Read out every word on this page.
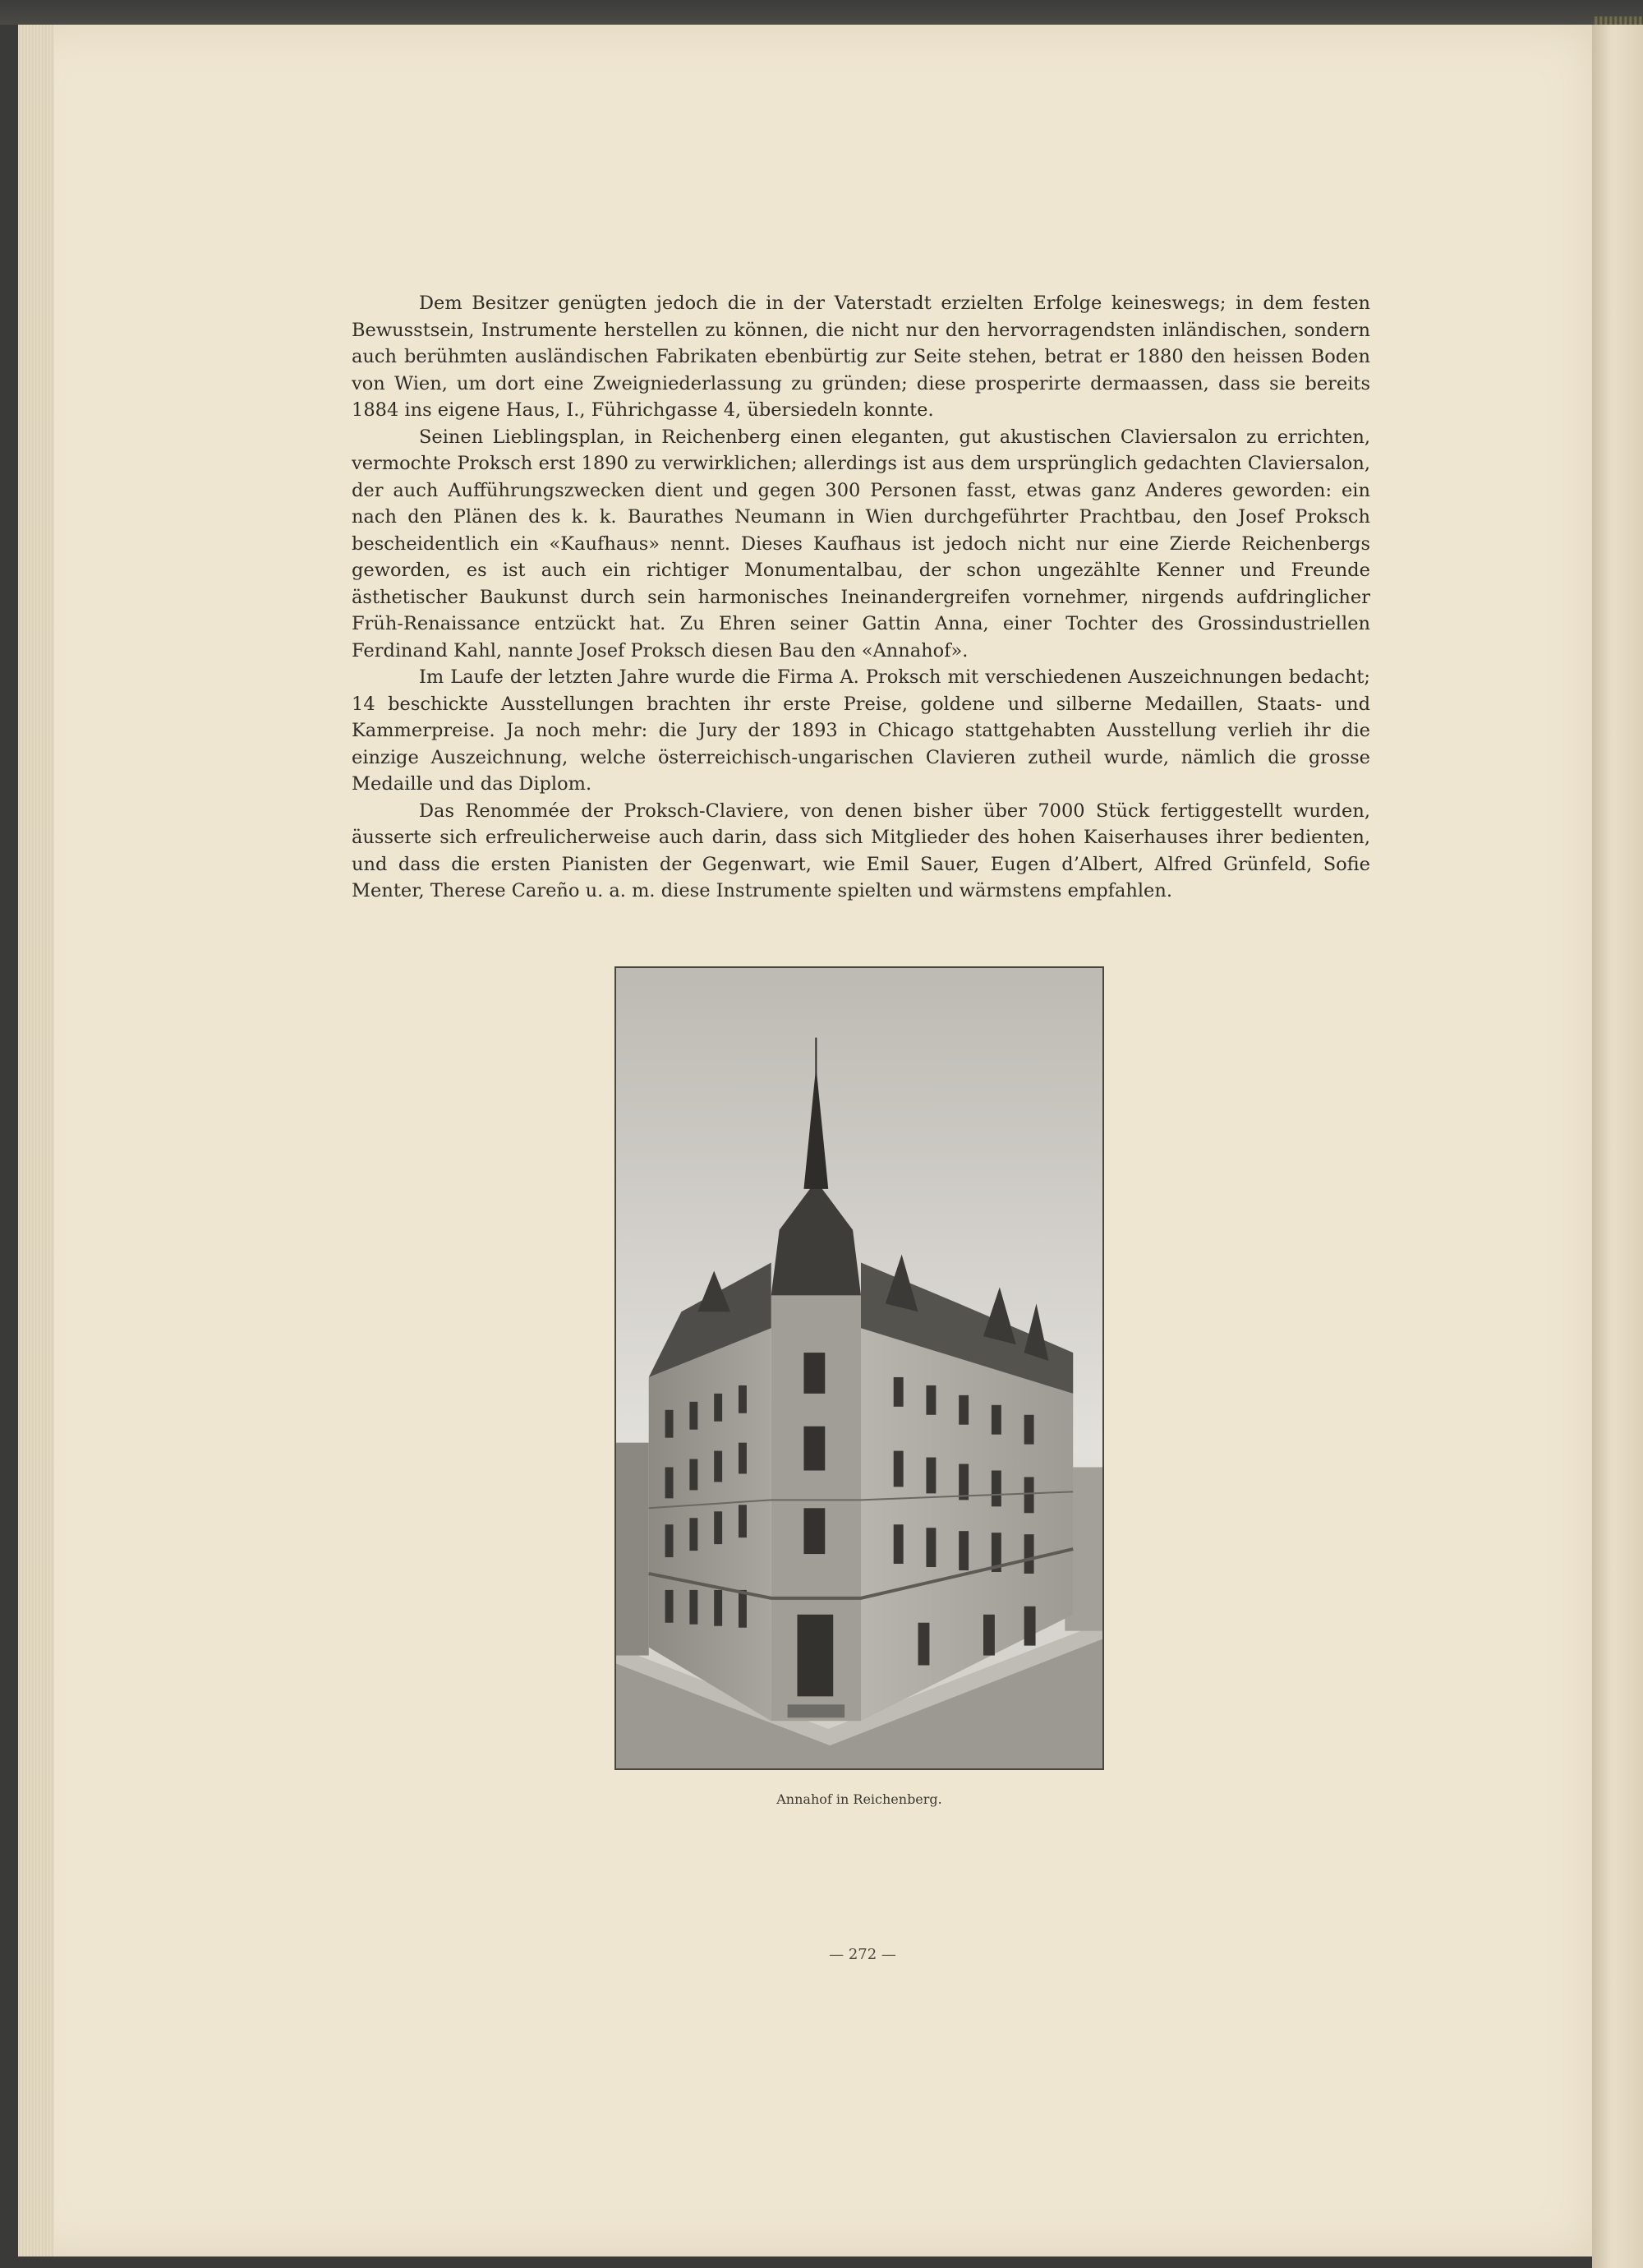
Dem Besitzer genügten jedoch die in der Vaterstadt erzielten Erfolge keineswegs; in dem festen Bewusstsein, Instrumente herstellen zu können, die nicht nur den hervorragendsten inländischen, sondern auch berühmten ausländischen Fabrikaten ebenbürtig zur Seite stehen, betrat er 1880 den heissen Boden von Wien, um dort eine Zweigniederlassung zu gründen; diese prosperirte dermaassen, dass sie bereits 1884 ins eigene Haus, I., Führichgasse 4, übersiedeln konnte.

Seinen Lieblingsplan, in Reichenberg einen eleganten, gut akustischen Claviersalon zu errichten, vermochte Proksch erst 1890 zu verwirklichen; allerdings ist aus dem ursprünglich gedachten Claviersalon, der auch Aufführungszwecken dient und gegen 300 Personen fasst, etwas ganz Anderes geworden: ein nach den Plänen des k. k. Baurathes Neumann in Wien durchgeführter Prachtbau, den Josef Proksch bescheidentlich ein «Kaufhaus» nennt. Dieses Kaufhaus ist jedoch nicht nur eine Zierde Reichenbergs geworden, es ist auch ein richtiger Monumentalbau, der schon ungezählte Kenner und Freunde ästhetischer Baukunst durch sein harmonisches Ineinandergreifen vornehmer, nirgends aufdringlicher Früh-Renaissance entzückt hat. Zu Ehren seiner Gattin Anna, einer Tochter des Grossindustriellen Ferdinand Kahl, nannte Josef Proksch diesen Bau den «Annahof».

Im Laufe der letzten Jahre wurde die Firma A. Proksch mit verschiedenen Auszeichnungen bedacht; 14 beschickte Ausstellungen brachten ihr erste Preise, goldene und silberne Medaillen, Staats- und Kammerpreise. Ja noch mehr: die Jury der 1893 in Chicago stattgehabten Ausstellung verlieh ihr die einzige Auszeichnung, welche österreichisch-ungarischen Clavieren zutheil wurde, nämlich die grosse Medaille und das Diplom.

Das Renommée der Proksch-Claviere, von denen bisher über 7000 Stück fertiggestellt wurden, äusserte sich erfreulicherweise auch darin, dass sich Mitglieder des hohen Kaiserhauses ihrer bedienten, und dass die ersten Pianisten der Gegenwart, wie Emil Sauer, Eugen d’Albert, Alfred Grünfeld, Sofie Menter, Therese Careño u. a. m. diese Instrumente spielten und wärmstens empfahlen.

Annahof in Reichenberg.
— 272 —
